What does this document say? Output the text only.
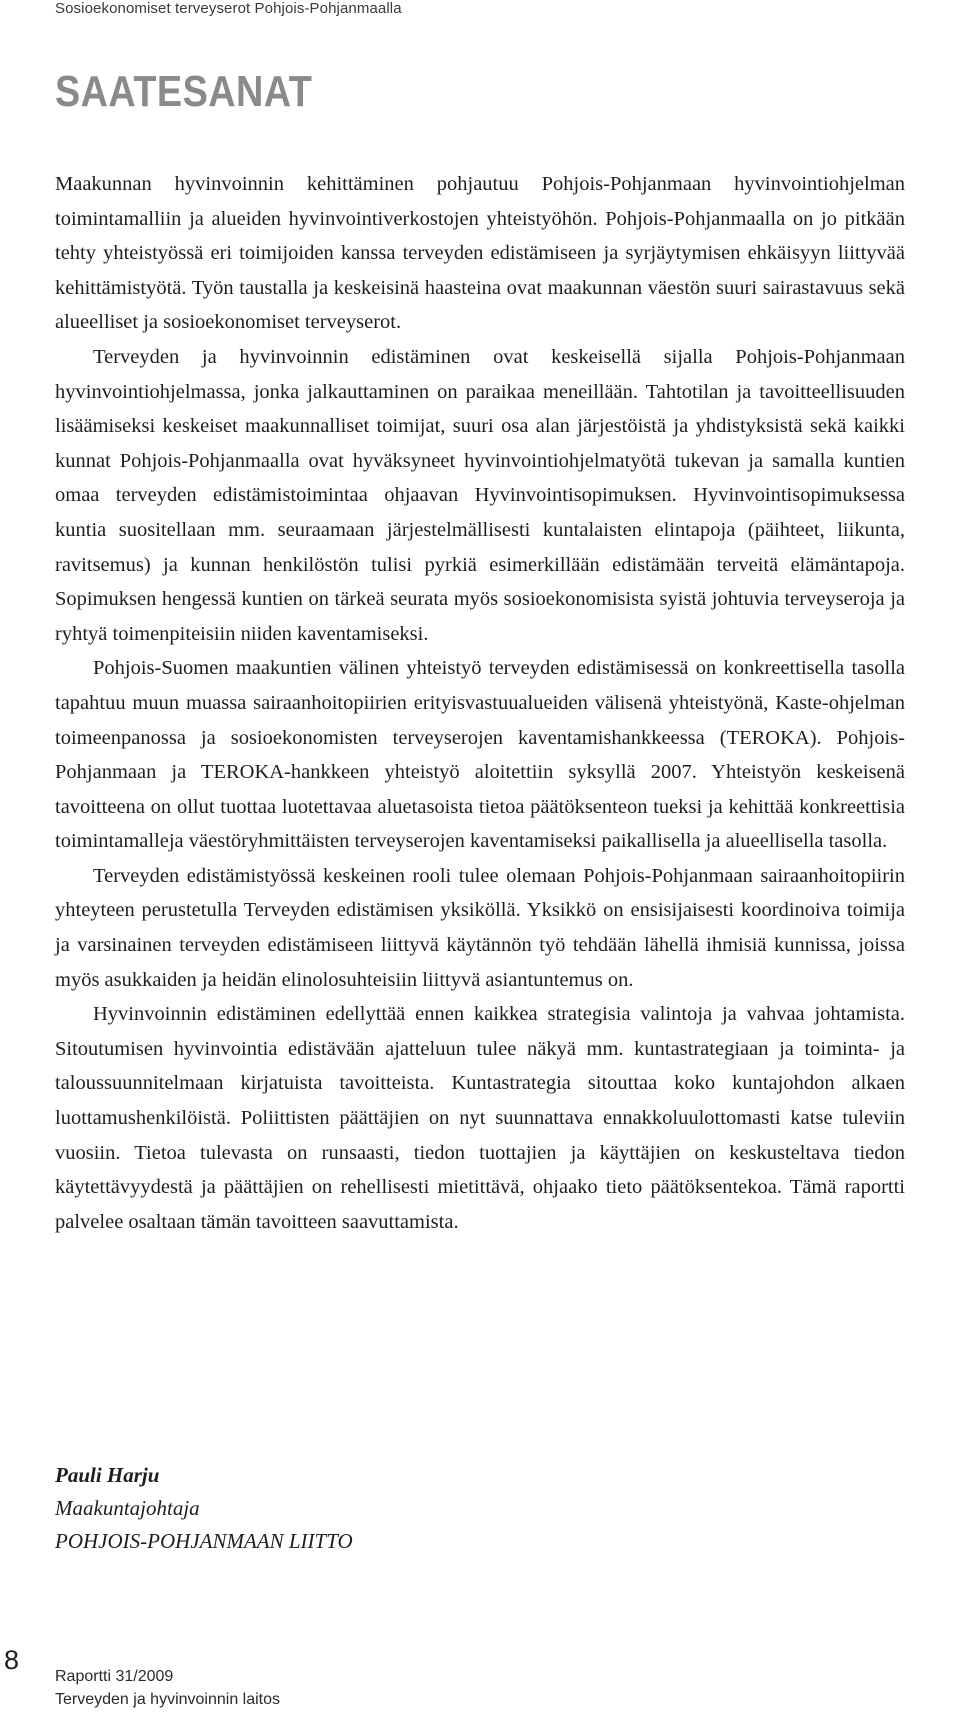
Sosioekonomiset terveyserot Pohjois-Pohjanmaalla
SAATESANAT

Maakunnan hyvinvoinnin kehittäminen pohjautuu Pohjois-Pohjanmaan hyvinvointiohjelman toimintamalliin ja alueiden hyvinvointiverkostojen yhteistyöhön. Pohjois-Pohjanmaalla on jo pitkään tehty yhteistyössä eri toimijoiden kanssa terveyden edistämiseen ja syrjäytymisen ehkäisyyn liittyvää kehittämistyötä. Työn taustalla ja keskeisinä haasteina ovat maakunnan väestön suuri sairastavuus sekä alueelliset ja sosioekonomiset terveyserot.

Terveyden ja hyvinvoinnin edistäminen ovat keskeisellä sijalla Pohjois-Pohjanmaan hyvinvointiohjelmassa, jonka jalkauttaminen on paraikaa meneillään. Tahtotilan ja tavoitteellisuuden lisäämiseksi keskeiset maakunnalliset toimijat, suuri osa alan järjestöistä ja yhdistyksistä sekä kaikki kunnat Pohjois-Pohjanmaalla ovat hyväksyneet hyvinvointiohjelmatyötä tukevan ja samalla kuntien omaa terveyden edistämistoimintaa ohjaavan Hyvinvointisopimuksen. Hyvinvointisopimuksessa kuntia suositellaan mm. seuraamaan järjestelmällisesti kuntalaisten elintapoja (päihteet, liikunta, ravitsemus) ja kunnan henkilöstön tulisi pyrkiä esimerkillään edistämään terveitä elämäntapoja. Sopimuksen hengessä kuntien on tärkeä seurata myös sosioekonomisista syistä johtuvia terveyseroja ja ryhtyä toimenpiteisiin niiden kaventamiseksi.

Pohjois-Suomen maakuntien välinen yhteistyö terveyden edistämisessä on konkreettisella tasolla tapahtuu muun muassa sairaanhoitopiirien erityisvastuualueiden välisenä yhteistyönä, Kaste-ohjelman toimeenpanossa ja sosioekonomisten terveyserojen kaventamishankkeessa (TEROKA). Pohjois-Pohjanmaan ja TEROKA-hankkeen yhteistyö aloitettiin syksyllä 2007. Yhteistyön keskeisenä tavoitteena on ollut tuottaa luotettavaa aluetasoista tietoa päätöksenteon tueksi ja kehittää konkreettisia toimintamalleja väestöryhmittäisten terveyserojen kaventamiseksi paikallisella ja alueellisella tasolla.

Terveyden edistämistyössä keskeinen rooli tulee olemaan Pohjois-Pohjanmaan sairaanhoitopiirin yhteyteen perustetulla Terveyden edistämisen yksiköllä. Yksikkö on ensisijaisesti koordinoiva toimija ja varsinainen terveyden edistämiseen liittyvä käytännön työ tehdään lähellä ihmisiä kunnissa, joissa myös asukkaiden ja heidän elinolosuhteisiin liittyvä asiantuntemus on.

Hyvinvoinnin edistäminen edellyttää ennen kaikkea strategisia valintoja ja vahvaa johtamista. Sitoutumisen hyvinvointia edistävään ajatteluun tulee näkyä mm. kuntastrategiaan ja toiminta- ja taloussuunnitelmaan kirjatuista tavoitteista. Kuntastrategia sitouttaa koko kuntajohdon alkaen luottamushenkilöistä. Poliittisten päättäjien on nyt suunnattava ennakkoluulottomasti katse tuleviin vuosiin. Tietoa tulevasta on runsaasti, tiedon tuottajien ja käyttäjien on keskusteltava tiedon käytettävyydestä ja päättäjien on rehellisesti mietittävä, ohjaako tieto päätöksentekoa. Tämä raportti palvelee osaltaan tämän tavoitteen saavuttamista.

Pauli Harju
Maakuntajohtaja
POHJOIS-POHJANMAAN LIITTO
8
Raportti 31/2009
Terveyden ja hyvinvoinnin laitos
